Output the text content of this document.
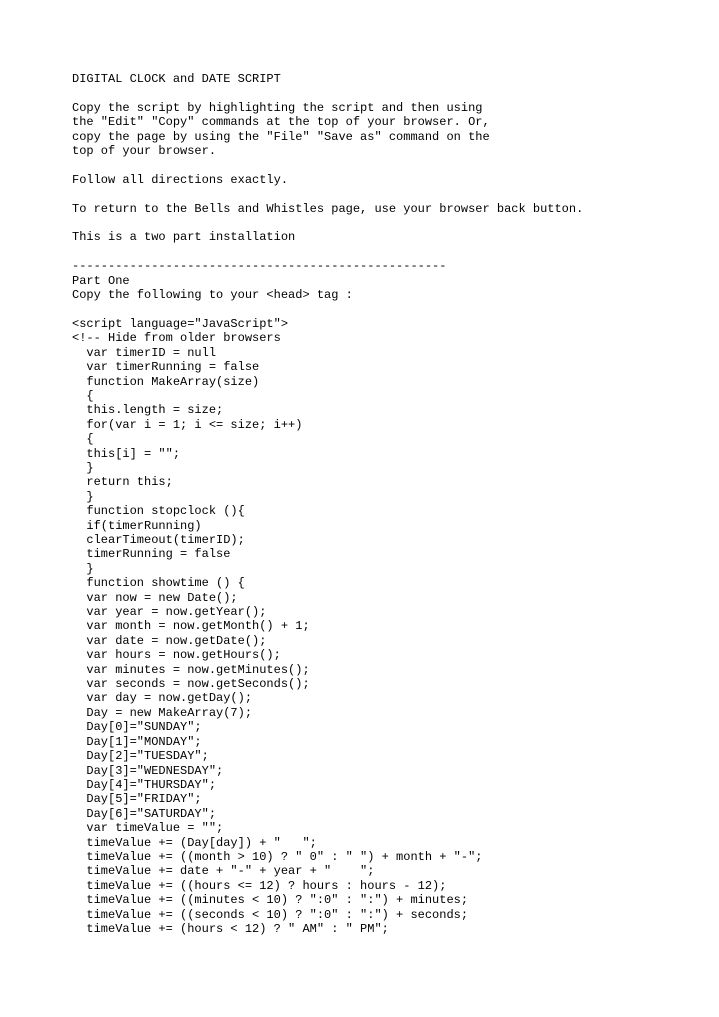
DIGITAL CLOCK and DATE SCRIPT

Copy the script by highlighting the script and then using
the "Edit" "Copy" commands at the top of your browser. Or,
copy the page by using the "File" "Save as" command on the
top of your browser.

Follow all directions exactly.

To return to the Bells and Whistles page, use your browser back button.

This is a two part installation

----------------------------------------------------
Part One
Copy the following to your <head> tag :

<script language="JavaScript">
<!-- Hide from older browsers
var timerID = null
var timerRunning = false
function MakeArray(size)
{
this.length = size;
for(var i = 1; i <= size; i++)
{
this[i] = "";
}
return this;
}
function stopclock (){
if(timerRunning)
clearTimeout(timerID);
timerRunning = false
}
function showtime () {
var now = new Date();
var year = now.getYear();
var month = now.getMonth() + 1;
var date = now.getDate();
var hours = now.getHours();
var minutes = now.getMinutes();
var seconds = now.getSeconds();
var day = now.getDay();
Day = new MakeArray(7);
Day[0]="SUNDAY";
Day[1]="MONDAY";
Day[2]="TUESDAY";
Day[3]="WEDNESDAY";
Day[4]="THURSDAY";
Day[5]="FRIDAY";
Day[6]="SATURDAY";
var timeValue = "";
timeValue += (Day[day]) + "   ";
timeValue += ((month > 10) ? " 0" : " ") + month + "-";
timeValue += date + "-" + year + "    ";
timeValue += ((hours <= 12) ? hours : hours - 12);
timeValue += ((minutes < 10) ? ":0" : ":") + minutes;
timeValue += ((seconds < 10) ? ":0" : ":") + seconds;
timeValue += (hours < 12) ? " AM" : " PM";
